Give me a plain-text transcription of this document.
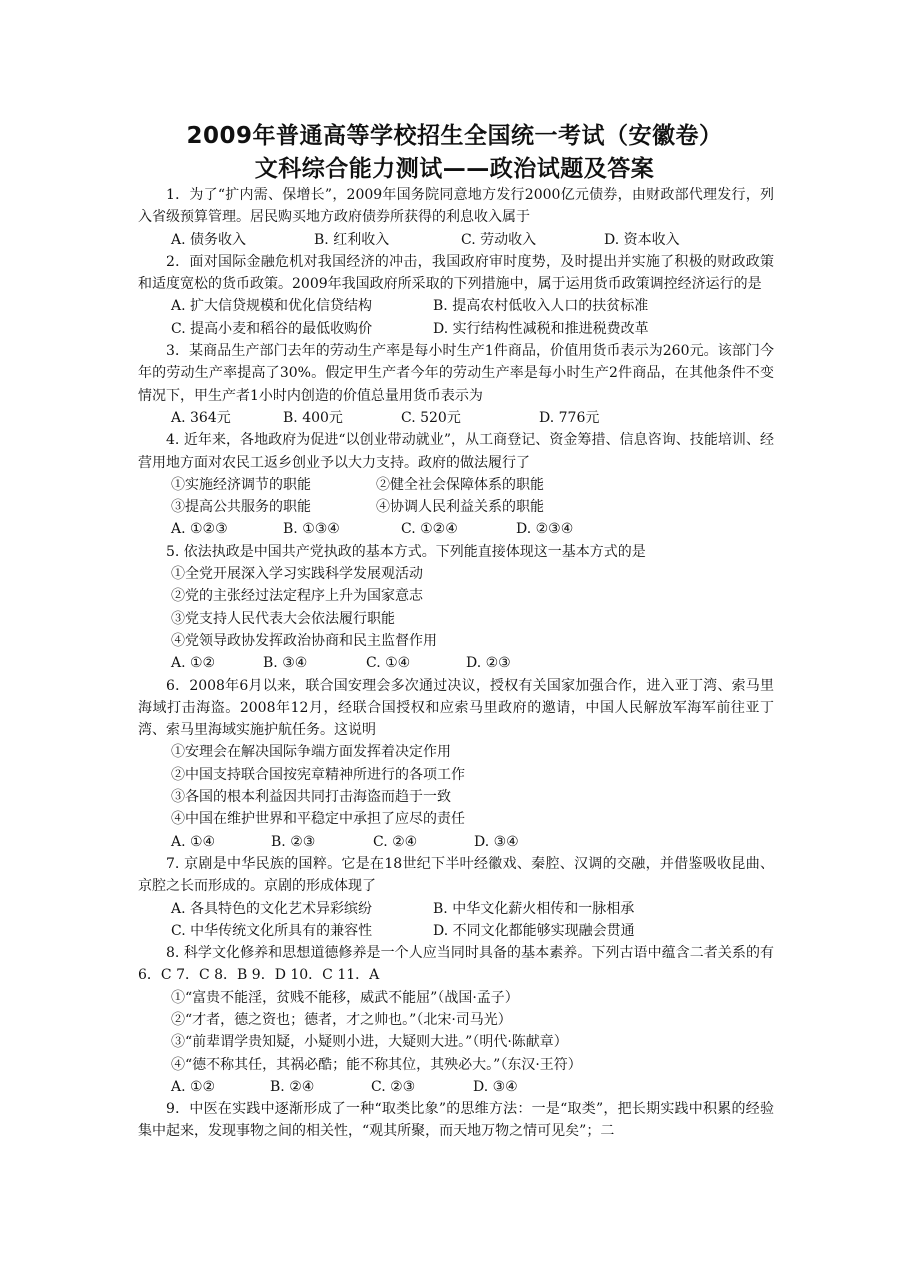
2009年普通高等学校招生全国统一考试（安徽卷）
文科综合能力测试——政治试题及答案

1．为了“扩内需、保增长”，2009年国务院同意地方发行2000亿元债券，由财政部代理发行，列入省级预算管理。居民购买地方政府债券所获得的利息收入属于

A. 债务收入	B. 红利收入	C. 劳动收入	D. 资本收入

2．面对国际金融危机对我国经济的冲击，我国政府审时度势，及时提出并实施了积极的财政政策和适度宽松的货币政策。2009年我国政府所采取的下列措施中，属于运用货币政策调控经济运行的是

A. 扩大信贷规模和优化信贷结构	B. 提高农村低收入人口的扶贫标准
C. 提高小麦和稻谷的最低收购价	D. 实行结构性减税和推进税费改革

3．某商品生产部门去年的劳动生产率是每小时生产1件商品，价值用货币表示为260元。该部门今年的劳动生产率提高了30%。假定甲生产者今年的劳动生产率是每小时生产2件商品，在其他条件不变情况下，甲生产者1小时内创造的价值总量用货币表示为

A. 364元	B. 400元	C. 520元	D. 776元

4. 近年来，各地政府为促进“以创业带动就业”，从工商登记、资金筹措、信息咨询、技能培训、经营用地方面对农民工返乡创业予以大力支持。政府的做法履行了

①实施经济调节的职能	②健全社会保障体系的职能
③提高公共服务的职能	④协调人民利益关系的职能
A. ①②③	B. ①③④	C. ①②④	D. ②③④

5. 依法执政是中国共产党执政的基本方式。下列能直接体现这一基本方式的是

①全党开展深入学习实践科学发展观活动
②党的主张经过法定程序上升为国家意志
③党支持人民代表大会依法履行职能
④党领导政协发挥政治协商和民主监督作用
A. ①②	B. ③④	C. ①④	D. ②③

6．2008年6月以来，联合国安理会多次通过决议，授权有关国家加强合作，进入亚丁湾、索马里海域打击海盗。2008年12月，经联合国授权和应索马里政府的邀请，中国人民解放军海军前往亚丁湾、索马里海域实施护航任务。这说明

①安理会在解决国际争端方面发挥着决定作用
②中国支持联合国按宪章精神所进行的各项工作
③各国的根本利益因共同打击海盗而趋于一致
④中国在维护世界和平稳定中承担了应尽的责任
A. ①④	B. ②③	C. ②④	D. ③④

7. 京剧是中华民族的国粹。它是在18世纪下半叶经徽戏、秦腔、汉调的交融，并借鉴吸收昆曲、京腔之长而形成的。京剧的形成体现了

A. 各具特色的文化艺术异彩缤纷	B. 中华文化薪火相传和一脉相承
C. 中华传统文化所具有的兼容性	D. 不同文化都能够实现融会贯通

8. 科学文化修养和思想道德修养是一个人应当同时具备的基本素养。下列古语中蕴含二者关系的有6．C 7．C 8．B 9．D 10．C 11．A

①“富贵不能淫，贫贱不能移，威武不能屈”（战国·孟子）
②“才者，德之资也；德者，才之帅也。”（北宋·司马光）
③“前辈谓学贵知疑，小疑则小进，大疑则大进。”（明代·陈献章）
④“德不称其任，其祸必酷；能不称其位，其殃必大。”（东汉·王符）
A. ①②	B. ②④	C. ②③	D. ③④

9．中医在实践中逐渐形成了一种“取类比象”的思维方法：一是“取类”，把长期实践中积累的经验集中起来，发现事物之间的相关性，“观其所聚，而天地万物之情可见矣”；二
